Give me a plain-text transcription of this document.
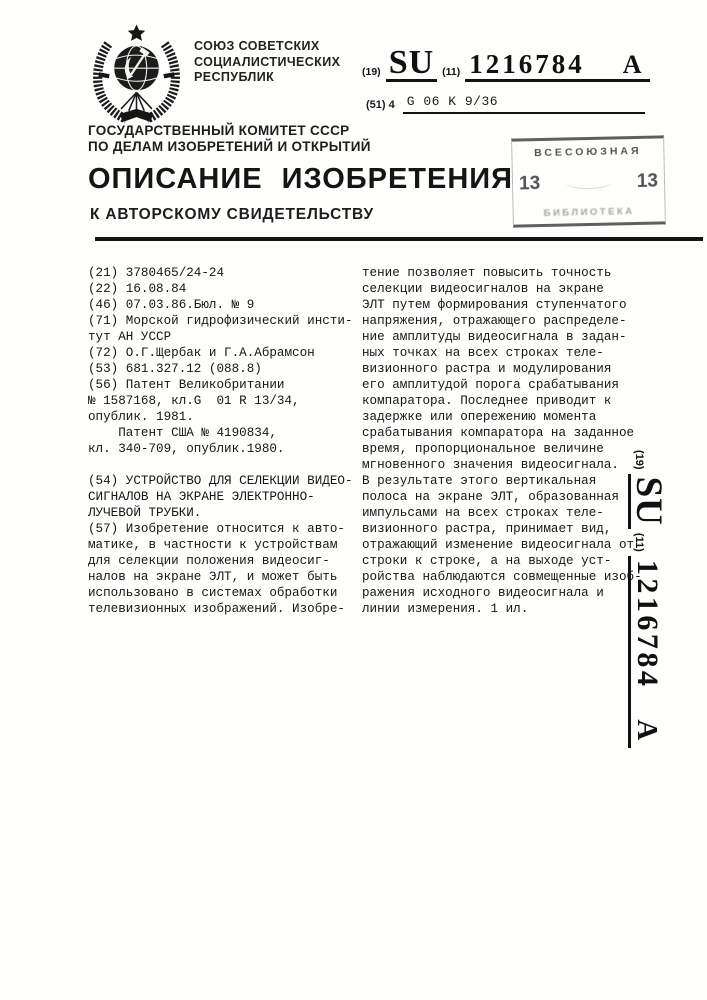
СОЮЗ СОВЕТСКИХ
СОЦИАЛИСТИЧЕСКИХ
РЕСПУБЛИК	(19) SU (11) 1216784 A
(51) 4 G 06 K 9/36
ГОСУДАРСТВЕННЫЙ КОМИТЕТ СССР
ПО ДЕЛАМ ИЗОБРЕТЕНИЙ И ОТКРЫТИЙ	ВСЕСОЮЗНАЯ
13	13
БИБЛИОТЕКА
ОПИСАНИЕ ИЗОБРЕТЕНИЯ
К АВТОРСКОМУ СВИДЕТЕЛЬСТВУ
(21) 3780465/24-24
(22) 16.08.84
(46) 07.03.86.Бюл. № 9
(71) Морской гидрофизический инсти-
тут АН УССР
(72) О.Г.Щербак и Г.А.Абрамсон
(53) 681.327.12 (088.8)
(56) Патент Великобритании
№ 1587168, кл.G  01 R 13/34,
опублик. 1981.
Патент США № 4190834,
кл. 340-709, опублик.1980.

(54) УСТРОЙСТВО ДЛЯ СЕЛЕКЦИИ ВИДЕО-
СИГНАЛОВ НА ЭКРАНЕ ЭЛЕКТРОННО-
ЛУЧЕВОЙ ТРУБКИ.
(57) Изобретение относится к авто-
матике, в частности к устройствам
для селекции положения видеосиг-
налов на экране ЭЛТ, и может быть
использовано в системах обработки
телевизионных изображений. Изобре-
тение позволяет повысить точность
селекции видеосигналов на экране
ЭЛТ путем формирования ступенчатого
напряжения, отражающего распределе-
ние амплитуды видеосигнала в задан-
ных точках на всех строках теле-
визионного растра и модулирования
его амплитудой порога срабатывания
компаратора. Последнее приводит к
задержке или опережению момента
срабатывания компаратора на заданное
время, пропорциональное величине
мгновенного значения видеосигнала.
В результате этого вертикальная
полоса на экране ЭЛТ, образованная
импульсами на всех строках теле-
визионного растра, принимает вид,
отражающий изменение видеосигнала от
строки к строке, а на выходе уст-
ройства наблюдаются совмещенные изоб-
ражения исходного видеосигнала и
линии измерения. 1 ил.
(19)
SU
(11)
1216784
A
